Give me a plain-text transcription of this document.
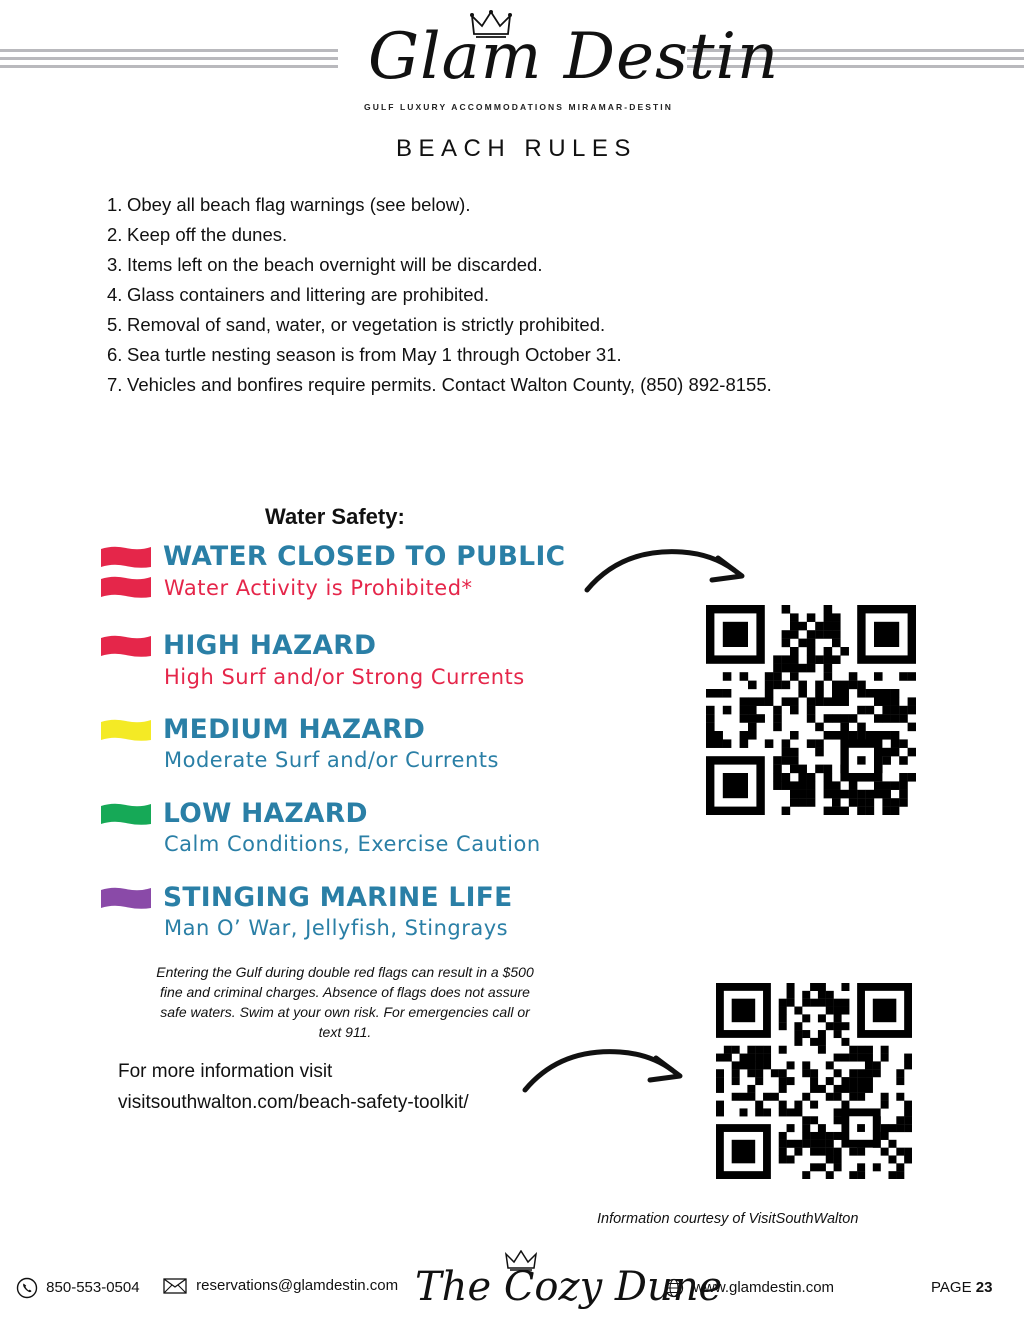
Glam Destin
GULF LUXURY ACCOMMODATIONS MIRAMAR-DESTIN
BEACH RULES
1. Obey all beach flag warnings (see below).
2. Keep off the dunes.
3. Items left on the beach overnight will be discarded.
4. Glass containers and littering are prohibited.
5. Removal of sand, water, or vegetation is strictly prohibited.
6. Sea turtle nesting season is from May 1 through October 31.
7. Vehicles and bonfires require permits. Contact Walton County, (850) 892-8155.
Water Safety:
WATER CLOSED TO PUBLIC
Water Activity is Prohibited*
HIGH HAZARD
High Surf and/or Strong Currents
MEDIUM HAZARD
Moderate Surf and/or Currents
LOW HAZARD
Calm Conditions, Exercise Caution
STINGING MARINE LIFE
Man O’ War, Jellyfish, Stingrays
Entering the Gulf during double red flags can result in a $500
fine and criminal charges. Absence of flags does not assure
safe waters. Swim at your own risk. For emergencies call or
text 911.
For more information visit
visitsouthwalton.com/beach-safety-toolkit/
Information courtesy of VisitSouthWalton
850-553-0504	reservations@glamdestin.com The Cozy Dune
www.glamdestin.com	PAGE 23
